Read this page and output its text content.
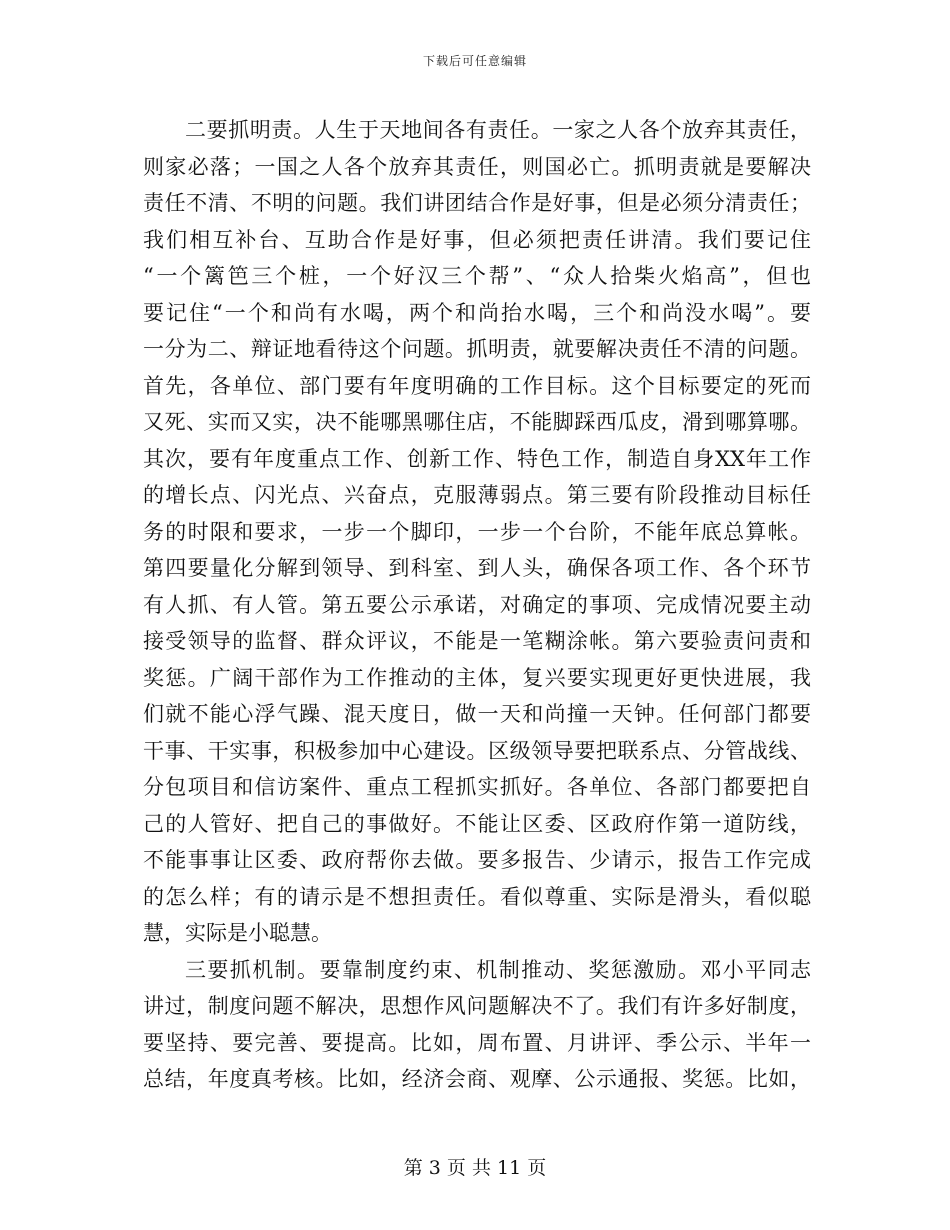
下载后可任意编辑
二要抓明责。人生于天地间各有责任。一家之人各个放弃其责任，
则家必落；一国之人各个放弃其责任，则国必亡。抓明责就是要解决
责任不清、不明的问题。我们讲团结合作是好事，但是必须分清责任；
我们相互补台、互助合作是好事，但必须把责任讲清。我们要记住
“一个篱笆三个桩，一个好汉三个帮”、“众人拾柴火焰高”，但也
要记住“一个和尚有水喝，两个和尚抬水喝，三个和尚没水喝”。要
一分为二、辩证地看待这个问题。抓明责，就要解决责任不清的问题。
首先，各单位、部门要有年度明确的工作目标。这个目标要定的死而
又死、实而又实，决不能哪黑哪住店，不能脚踩西瓜皮，滑到哪算哪。
其次，要有年度重点工作、创新工作、特色工作，制造自身XX年工作
的增长点、闪光点、兴奋点，克服薄弱点。第三要有阶段推动目标任
务的时限和要求，一步一个脚印，一步一个台阶，不能年底总算帐。
第四要量化分解到领导、到科室、到人头，确保各项工作、各个环节
有人抓、有人管。第五要公示承诺，对确定的事项、完成情况要主动
接受领导的监督、群众评议，不能是一笔糊涂帐。第六要验责问责和
奖惩。广阔干部作为工作推动的主体，复兴要实现更好更快进展，我
们就不能心浮气躁、混天度日，做一天和尚撞一天钟。任何部门都要
干事、干实事，积极参加中心建设。区级领导要把联系点、分管战线、
分包项目和信访案件、重点工程抓实抓好。各单位、各部门都要把自
己的人管好、把自己的事做好。不能让区委、区政府作第一道防线，
不能事事让区委、政府帮你去做。要多报告、少请示，报告工作完成
的怎么样；有的请示是不想担责任。看似尊重、实际是滑头，看似聪
慧，实际是小聪慧。
三要抓机制。要靠制度约束、机制推动、奖惩激励。邓小平同志
讲过，制度问题不解决，思想作风问题解决不了。我们有许多好制度，
要坚持、要完善、要提高。比如，周布置、月讲评、季公示、半年一
总结，年度真考核。比如，经济会商、观摩、公示通报、奖惩。比如，
第 3 页 共 11 页
